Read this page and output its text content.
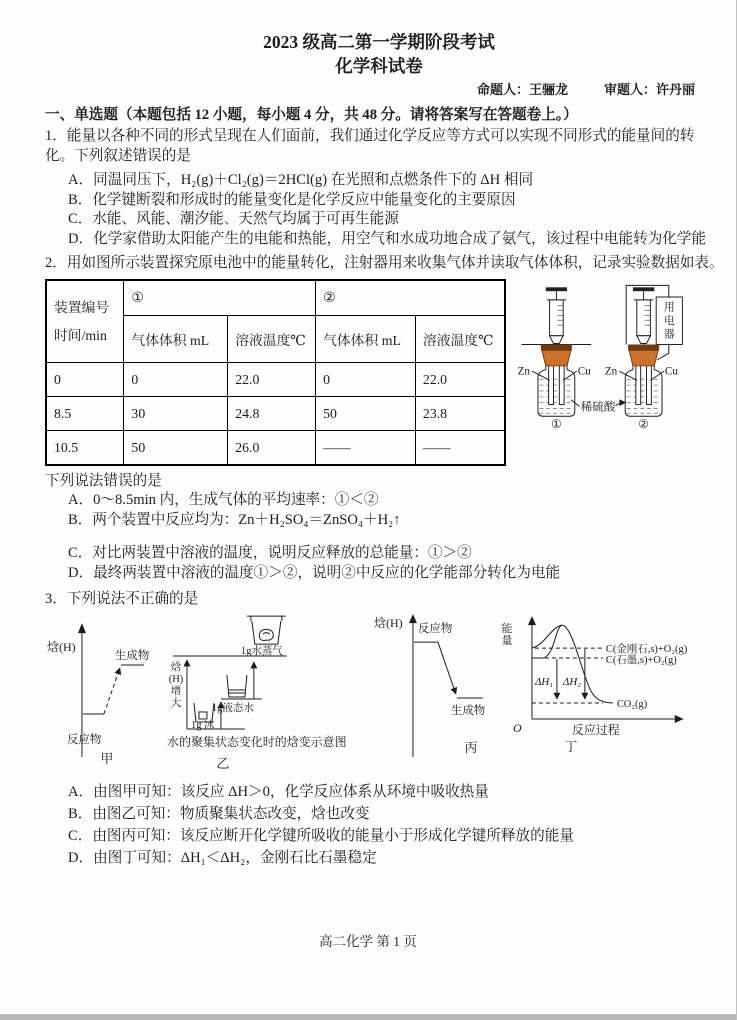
2023 级高二第一学期阶段考试
化学科试卷
命题人：王骊龙	审题人：许丹丽
一、单选题（本题包括 12 小题，每小题 4 分，共 48 分。请将答案写在答题卷上。）
1．能量以各种不同的形式呈现在人们面前，我们通过化学反应等方式可以实现不同形式的能量间的转
化。下列叙述错误的是
A．同温同压下，H₂(g)＋Cl₂(g)＝2HCl(g) 在光照和点燃条件下的 ΔH 相同
B．化学键断裂和形成时的能量变化是化学反应中能量变化的主要原因
C．水能、风能、潮汐能、天然气均属于可再生能源
D．化学家借助太阳能产生的电能和热能，用空气和水成功地合成了氨气，该过程中电能转为化学能
2．用如图所示装置探究原电池中的能量转化，注射器用来收集气体并读取气体体积，记录实验数据如表。
装置编号
时间/min	①		②	
	气体体积 mL	溶液温度℃	气体体积 mL	溶液温度℃
0	0	22.0	0	22.0
8.5	30	24.8	50	23.8
10.5	50	26.0	——	——
Zn	Cu
①
稀硫酸
用
电
器
Zn	Cu
②
下列说法错误的是
A．0～8.5min 内，生成气体的平均速率：①＜②
B．两个装置中反应均为：Zn＋H₂SO₄＝ZnSO₄＋H₂↑
C．对比两装置中溶液的温度，说明反应释放的总能量：①＞②
D．最终两装置中溶液的温度①＞②，说明②中反应的化学能部分转化为电能
3．下列说法不正确的是
焓(H)
生成物
反应物
甲
焓
(H)
增
大
1g 冰
1g液态水
1g水蒸气
水的聚集状态变化时的焓变示意图
乙
焓(H) 反应物
生成物
丙
能
量
O	反应过程
C(金刚石,s)+O₂(g)
C(石墨,s)+O₂(g)
CO₂(g)
ΔH₁ ΔH₂
丁
A．由图甲可知：该反应 ΔH＞0，化学反应体系从环境中吸收热量
B．由图乙可知：物质聚集状态改变，焓也改变
C．由图丙可知：该反应断开化学键所吸收的能量小于形成化学键所释放的能量
D．由图丁可知：ΔH₁＜ΔH₂，金刚石比石墨稳定
高二化学 第 1 页
